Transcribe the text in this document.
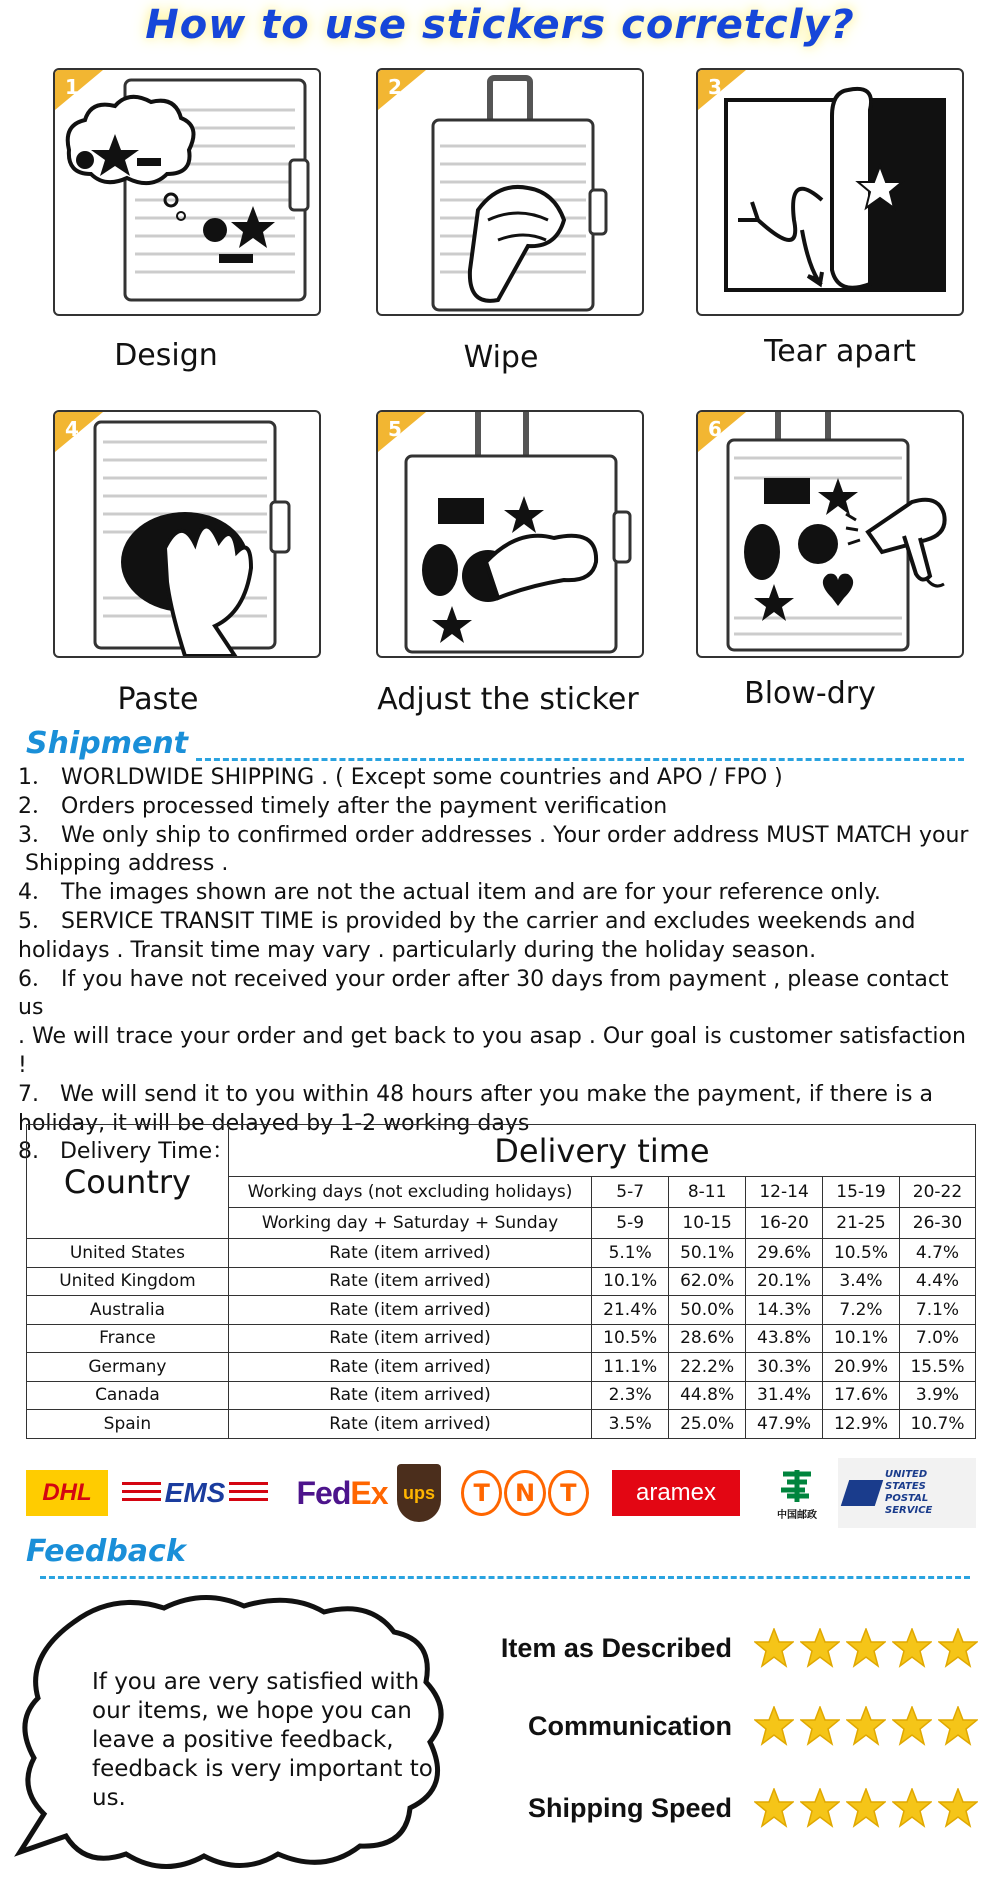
How to use stickers corretcly?
1
Design
2
Wipe
3
Tear apart
4
Paste
5
Adjust the sticker
6
Blow-dry
Shipment
1． WORLDWIDE SHIPPING . ( Except some countries and APO / FPO )
2． Orders processed timely after the payment verification
3． We only ship to confirmed order addresses . Your order address MUST MATCH your
Shipping address .
4． The images shown are not the actual item and are for your reference only.
5． SERVICE TRANSIT TIME is provided by the carrier and excludes weekends and
holidays . Transit time may vary . particularly during the holiday season.
6． If you have not received your order after 30 days from payment , please contact us
. We will trace your order and get back to you asap . Our goal is customer satisfaction !
7.   We will send it to you within 48 hours after you make the payment, if there is a
holiday, it will be delayed by 1-2 working days
8.   Delivery Time：
Country	Delivery time					
	Working days (not excluding holidays)	5-7	8-11	12-14	15-19	20-22
	Working day + Saturday + Sunday	5-9	10-15	16-20	21-25	26-30
United States	Rate (item arrived)	5.1%	50.1%	29.6%	10.5%	4.7%
United Kingdom	Rate (item arrived)	10.1%	62.0%	20.1%	3.4%	4.4%
Australia	Rate (item arrived)	21.4%	50.0%	14.3%	7.2%	7.1%
France	Rate (item arrived)	10.5%	28.6%	43.8%	10.1%	7.0%
Germany	Rate (item arrived)	11.1%	22.2%	30.3%	20.9%	15.5%
Canada	Rate (item arrived)	2.3%	44.8%	31.4%	17.6%	3.9%
Spain	Rate (item arrived)	3.5%	25.0%	47.9%	12.9%	10.7%
DHL	EMS Fed Ex ups T N T aramex
中国邮政
UNITED STATES POSTAL SERVICE
Feedback
If you are very satisfied with our items, we hope you can leave a positive feedback, feedback is very important to us.
Item as Described
Communication
Shipping Speed
